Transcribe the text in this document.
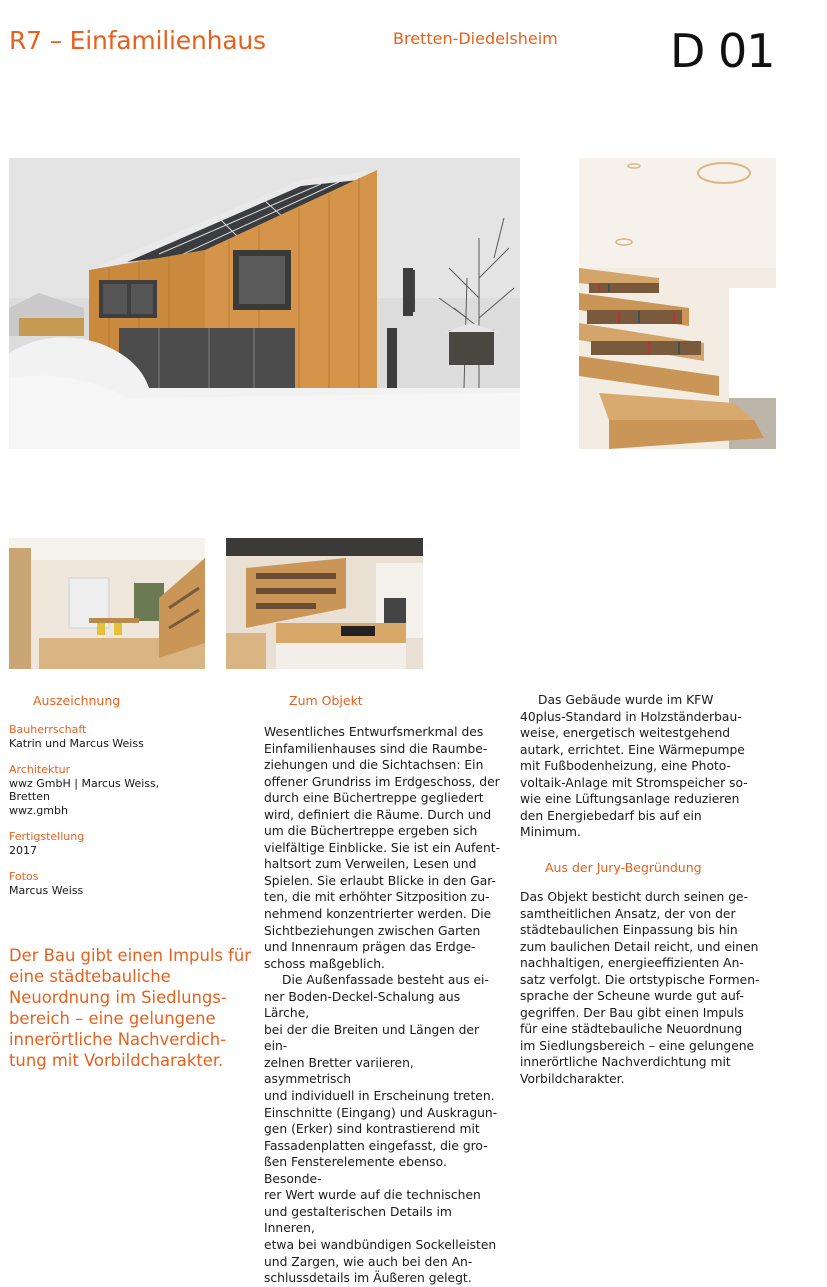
R7 – Einfamilienhaus	Bretten-Diedelsheim D 01
Auszeichnung
Bauherrschaft
Katrin und Marcus Weiss
Architektur
wwz GmbH | Marcus Weiss,
Bretten
wwz.gmbh
Fertigstellung
2017
Fotos
Marcus Weiss
Der Bau gibt einen Impuls für eine städtebauliche Neuordnung im Siedlungs-bereich – eine gelungene innerörtliche Nachverdich-tung mit Vorbildcharakter.
Zum Objekt

Wesentliches Entwurfsmerkmal des
Einfamilienhauses sind die Raumbe-
ziehungen und die Sichtachsen: Ein
offener Grundriss im Erdgeschoss, der
durch eine Büchertreppe gegliedert
wird, definiert die Räume. Durch und
um die Büchertreppe ergeben sich
vielfältige Einblicke. Sie ist ein Aufent-
haltsort zum Verweilen, Lesen und
Spielen. Sie erlaubt Blicke in den Gar-
ten, die mit erhöhter Sitzposition zu-
nehmend konzentrierter werden. Die
Sichtbeziehungen zwischen Garten
und Innenraum prägen das Erdge-
schoss maßgeblich.

Die Außenfassade besteht aus ei-
ner Boden-Deckel-Schalung aus Lärche,
bei der die Breiten und Längen der ein-
zelnen Bretter variieren, asymmetrisch
und individuell in Erscheinung treten.
Einschnitte (Eingang) und Auskragun-
gen (Erker) sind kontrastierend mit
Fassadenplatten eingefasst, die gro-
ßen Fensterelemente ebenso. Besonde-
rer Wert wurde auf die technischen
und gestalterischen Details im Inneren,
etwa bei wandbündigen Sockelleisten
und Zargen, wie auch bei den An-
schlussdetails im Äußeren gelegt.

Das Gebäude wurde im KFW
40plus-Standard in Holzständerbau-
weise, energetisch weitestgehend
autark, errichtet. Eine Wärmepumpe
mit Fußbodenheizung, eine Photo-
voltaik-Anlage mit Stromspeicher so-
wie eine Lüftungsanlage reduzieren
den Energiebedarf bis auf ein
Minimum.

Aus der Jury-Begründung

Das Objekt besticht durch seinen ge-
samtheitlichen Ansatz, der von der
städtebaulichen Einpassung bis hin
zum baulichen Detail reicht, und einen
nachhaltigen, energieeffizienten An-
satz verfolgt. Die ortstypische Formen-
sprache der Scheune wurde gut auf-
gegriffen. Der Bau gibt einen Impuls
für eine städtebauliche Neuordnung
im Siedlungsbereich – eine gelungene
innerörtliche Nachverdichtung mit
Vorbildcharakter.
